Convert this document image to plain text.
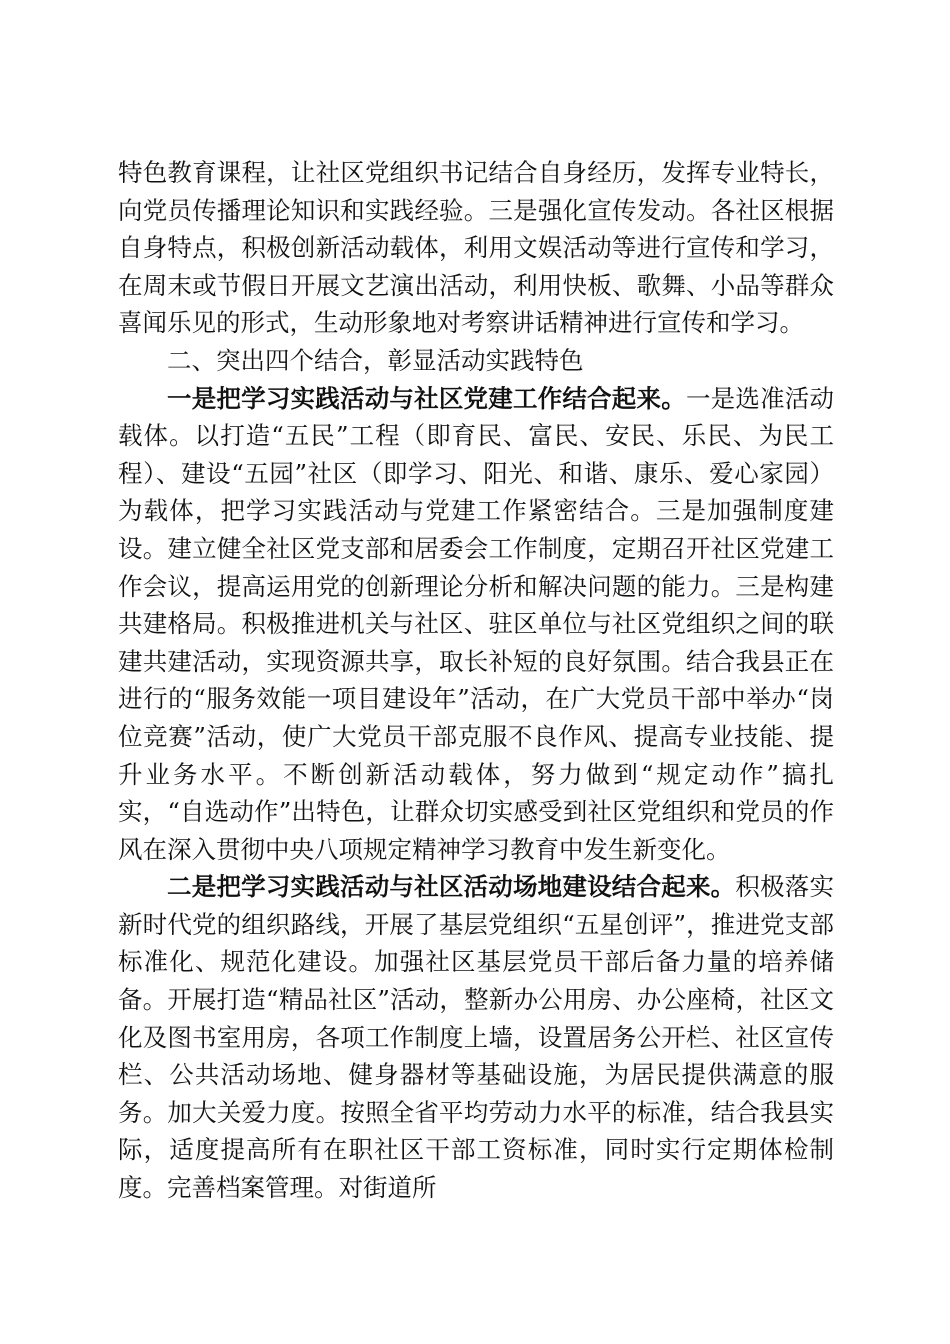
特色教育课程，让社区党组织书记结合自身经历，发挥专业特长，向党员传播理论知识和实践经验。三是强化宣传发动。各社区根据自身特点，积极创新活动载体，利用文娱活动等进行宣传和学习，在周末或节假日开展文艺演出活动，利用快板、歌舞、小品等群众喜闻乐见的形式，生动形象地对考察讲话精神进行宣传和学习。

二、突出四个结合，彰显活动实践特色

一是把学习实践活动与社区党建工作结合起来。一是选准活动载体。以打造“五民”工程（即育民、富民、安民、乐民、为民工程）、建设“五园”社区（即学习、阳光、和谐、康乐、爱心家园）为载体，把学习实践活动与党建工作紧密结合。三是加强制度建设。建立健全社区党支部和居委会工作制度，定期召开社区党建工作会议，提高运用党的创新理论分析和解决问题的能力。三是构建共建格局。积极推进机关与社区、驻区单位与社区党组织之间的联建共建活动，实现资源共享，取长补短的良好氛围。结合我县正在进行的“服务效能一项目建设年”活动，在广大党员干部中举办“岗位竞赛”活动，使广大党员干部克服不良作风、提高专业技能、提升业务水平。不断创新活动载体，努力做到“规定动作”搞扎实，“自选动作”出特色，让群众切实感受到社区党组织和党员的作风在深入贯彻中央八项规定精神学习教育中发生新变化。

二是把学习实践活动与社区活动场地建设结合起来。积极落实新时代党的组织路线，开展了基层党组织“五星创评”，推进党支部标准化、规范化建设。加强社区基层党员干部后备力量的培养储备。开展打造“精品社区”活动，整新办公用房、办公座椅，社区文化及图书室用房，各项工作制度上墙，设置居务公开栏、社区宣传栏、公共活动场地、健身器材等基础设施，为居民提供满意的服务。加大关爱力度。按照全省平均劳动力水平的标准，结合我县实际，适度提高所有在职社区干部工资标准，同时实行定期体检制度。完善档案管理。对街道所
